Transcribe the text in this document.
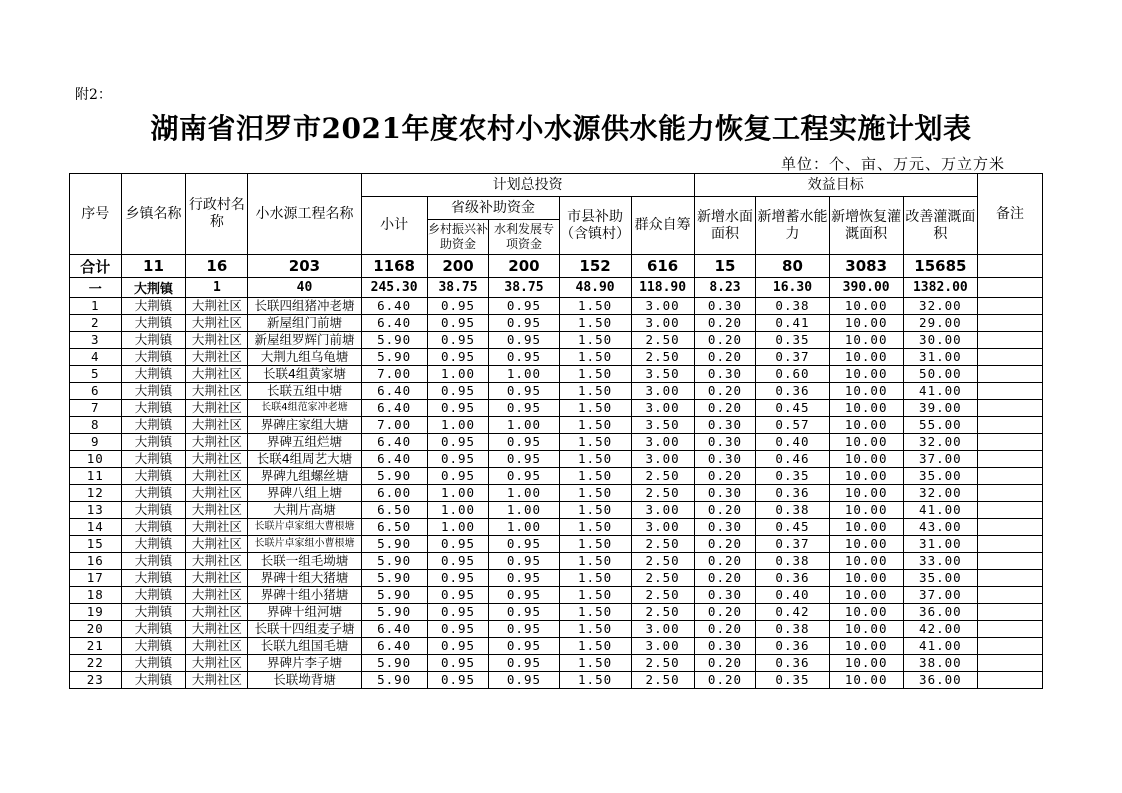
附2：
湖南省汨罗市2021年度农村小水源供水能力恢复工程实施计划表
单位：个、亩、万元、万立方米
序号	乡镇名称	行政村名称	小水源工程名称	计划总投资					效益目标				备注
				小计	省级补助资金		市县补助（含镇村）	群众自筹	新增水面面积	新增蓄水能力	新增恢复灌溉面积	改善灌溉面积	
					乡村振兴补助资金	水利发展专项资金							
合计	11	16	203	1168	200	200	152	616	15	80	3083	15685	
一	大荆镇	1	40	245.30	38.75	38.75	48.90	118.90	8.23	16.30	390.00	1382.00	
1	大荆镇	大荆社区	长联四组猪冲老塘	6.40	0.95	0.95	1.50	3.00	0.30	0.38	10.00	32.00	
2	大荆镇	大荆社区	新屋组门前塘	6.40	0.95	0.95	1.50	3.00	0.20	0.41	10.00	29.00	
3	大荆镇	大荆社区	新屋组罗辉门前塘	5.90	0.95	0.95	1.50	2.50	0.20	0.35	10.00	30.00	
4	大荆镇	大荆社区	大荆九组乌龟塘	5.90	0.95	0.95	1.50	2.50	0.20	0.37	10.00	31.00	
5	大荆镇	大荆社区	长联4组黄家塘	7.00	1.00	1.00	1.50	3.50	0.30	0.60	10.00	50.00	
6	大荆镇	大荆社区	长联五组中塘	6.40	0.95	0.95	1.50	3.00	0.20	0.36	10.00	41.00	
7	大荆镇	大荆社区	长联4组范家冲老塘	6.40	0.95	0.95	1.50	3.00	0.20	0.45	10.00	39.00	
8	大荆镇	大荆社区	界碑庄家组大塘	7.00	1.00	1.00	1.50	3.50	0.30	0.57	10.00	55.00	
9	大荆镇	大荆社区	界碑五组烂塘	6.40	0.95	0.95	1.50	3.00	0.30	0.40	10.00	32.00	
10	大荆镇	大荆社区	长联4组周艺大塘	6.40	0.95	0.95	1.50	3.00	0.30	0.46	10.00	37.00	
11	大荆镇	大荆社区	界碑九组螺丝塘	5.90	0.95	0.95	1.50	2.50	0.20	0.35	10.00	35.00	
12	大荆镇	大荆社区	界碑八组上塘	6.00	1.00	1.00	1.50	2.50	0.30	0.36	10.00	32.00	
13	大荆镇	大荆社区	大荆片高塘	6.50	1.00	1.00	1.50	3.00	0.20	0.38	10.00	41.00	
14	大荆镇	大荆社区	长联片卓家组大曹根塘	6.50	1.00	1.00	1.50	3.00	0.30	0.45	10.00	43.00	
15	大荆镇	大荆社区	长联片卓家组小曹根塘	5.90	0.95	0.95	1.50	2.50	0.20	0.37	10.00	31.00	
16	大荆镇	大荆社区	长联一组毛坳塘	5.90	0.95	0.95	1.50	2.50	0.20	0.38	10.00	33.00	
17	大荆镇	大荆社区	界碑十组大猪塘	5.90	0.95	0.95	1.50	2.50	0.20	0.36	10.00	35.00	
18	大荆镇	大荆社区	界碑十组小猪塘	5.90	0.95	0.95	1.50	2.50	0.30	0.40	10.00	37.00	
19	大荆镇	大荆社区	界碑十组河塘	5.90	0.95	0.95	1.50	2.50	0.20	0.42	10.00	36.00	
20	大荆镇	大荆社区	长联十四组麦子塘	6.40	0.95	0.95	1.50	3.00	0.20	0.38	10.00	42.00	
21	大荆镇	大荆社区	长联九组国毛塘	6.40	0.95	0.95	1.50	3.00	0.30	0.36	10.00	41.00	
22	大荆镇	大荆社区	界碑片李子塘	5.90	0.95	0.95	1.50	2.50	0.20	0.36	10.00	38.00	
23	大荆镇	大荆社区	长联坳背塘	5.90	0.95	0.95	1.50	2.50	0.20	0.35	10.00	36.00	
